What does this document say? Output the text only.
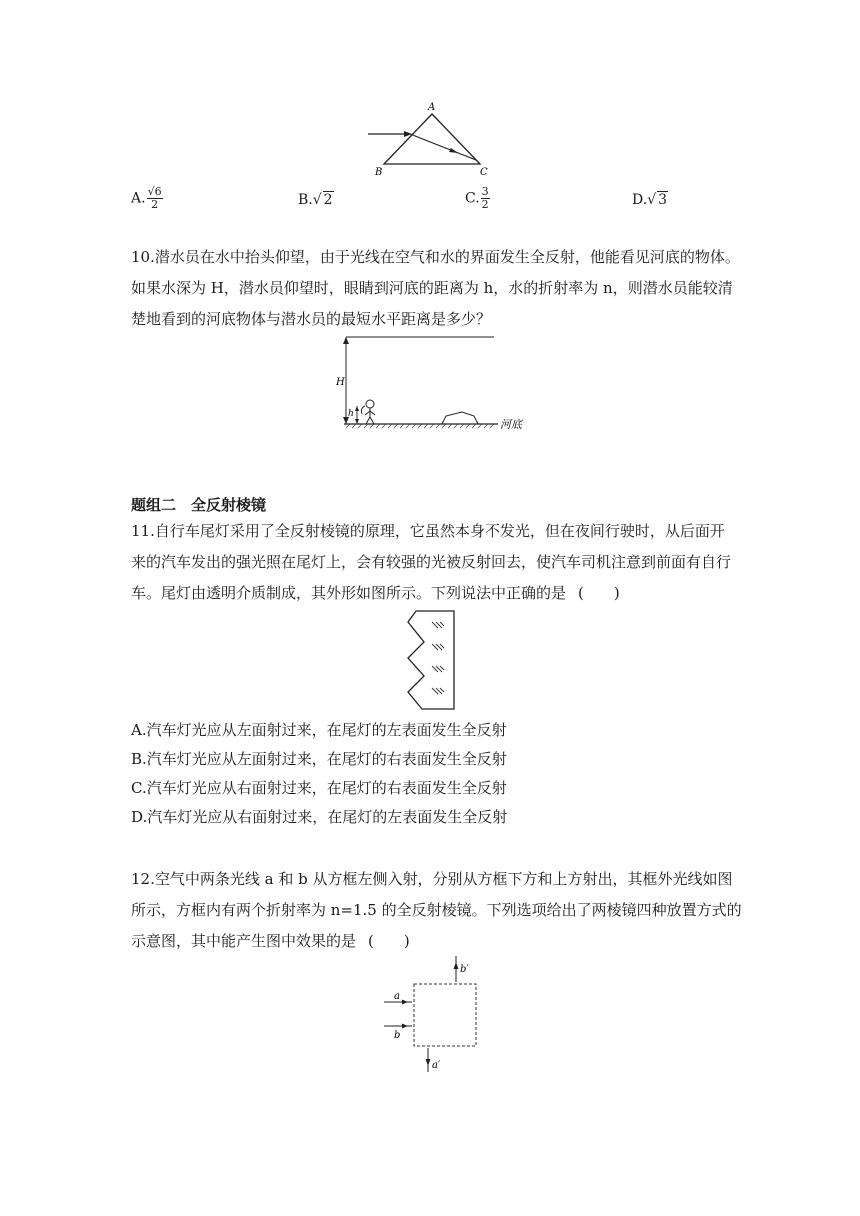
A
B	C
A. $\frac{√6}{2}$	B.√ 2	C. $\frac{3}{2}$	D.√ 3
10.潜水员在水中抬头仰望，由于光线在空气和水的界面发生全反射，他能看见河底的物体。
如果水深为 H，潜水员仰望时，眼睛到河底的距离为 h，水的折射率为 n，则潜水员能较清
楚地看到的河底物体与潜水员的最短水平距离是多少？
H
h
河底
题组二　全反射棱镜
11.自行车尾灯采用了全反射棱镜的原理，它虽然本身不发光，但在夜间行驶时，从后面开
来的汽车发出的强光照在尾灯上，会有较强的光被反射回去，使汽车司机注意到前面有自行
车。尾灯由透明介质制成，其外形如图所示。下列说法中正确的是 (　　)
A.汽车灯光应从左面射过来，在尾灯的左表面发生全反射
B.汽车灯光应从左面射过来，在尾灯的右表面发生全反射
C.汽车灯光应从右面射过来，在尾灯的右表面发生全反射
D.汽车灯光应从右面射过来，在尾灯的左表面发生全反射
12.空气中两条光线 a 和 b 从方框左侧入射，分别从方框下方和上方射出，其框外光线如图
所示，方框内有两个折射率为 n=1.5 的全反射棱镜。下列选项给出了两棱镜四种放置方式的
示意图，其中能产生图中效果的是 (　　)
a
b
b′
a′
